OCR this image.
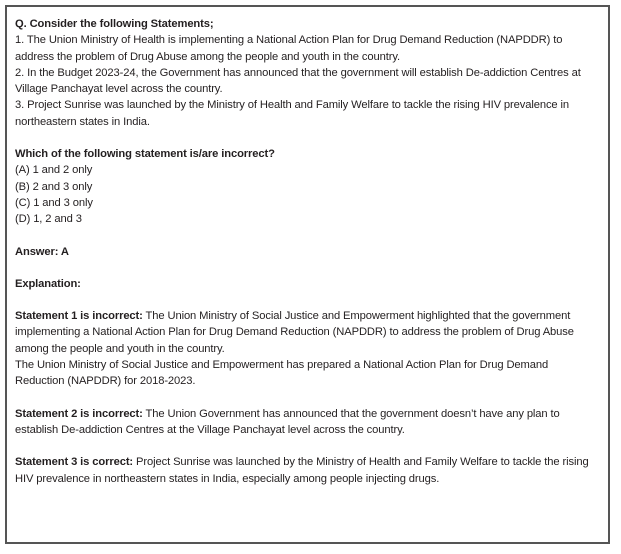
Q. Consider the following Statements;
1. The Union Ministry of Health is implementing a National Action Plan for Drug Demand Reduction (NAPDDR) to address the problem of Drug Abuse among the people and youth in the country.
2. In the Budget 2023-24, the Government has announced that the government will establish De-addiction Centres at Village Panchayat level across the country.
3. Project Sunrise was launched by the Ministry of Health and Family Welfare to tackle the rising HIV prevalence in northeastern states in India.
Which of the following statement is/are incorrect?
(A) 1 and 2 only
(B) 2 and 3 only
(C) 1 and 3 only
(D) 1, 2 and 3
Answer: A
Explanation:
Statement 1 is incorrect: The Union Ministry of Social Justice and Empowerment highlighted that the government implementing a National Action Plan for Drug Demand Reduction (NAPDDR) to address the problem of Drug Abuse among the people and youth in the country.
The Union Ministry of Social Justice and Empowerment has prepared a National Action Plan for Drug Demand Reduction (NAPDDR) for 2018-2023.
Statement 2 is incorrect: The Union Government has announced that the government doesn’t have any plan to establish De-addiction Centres at the Village Panchayat level across the country.
Statement 3 is correct: Project Sunrise was launched by the Ministry of Health and Family Welfare to tackle the rising HIV prevalence in northeastern states in India, especially among people injecting drugs.
